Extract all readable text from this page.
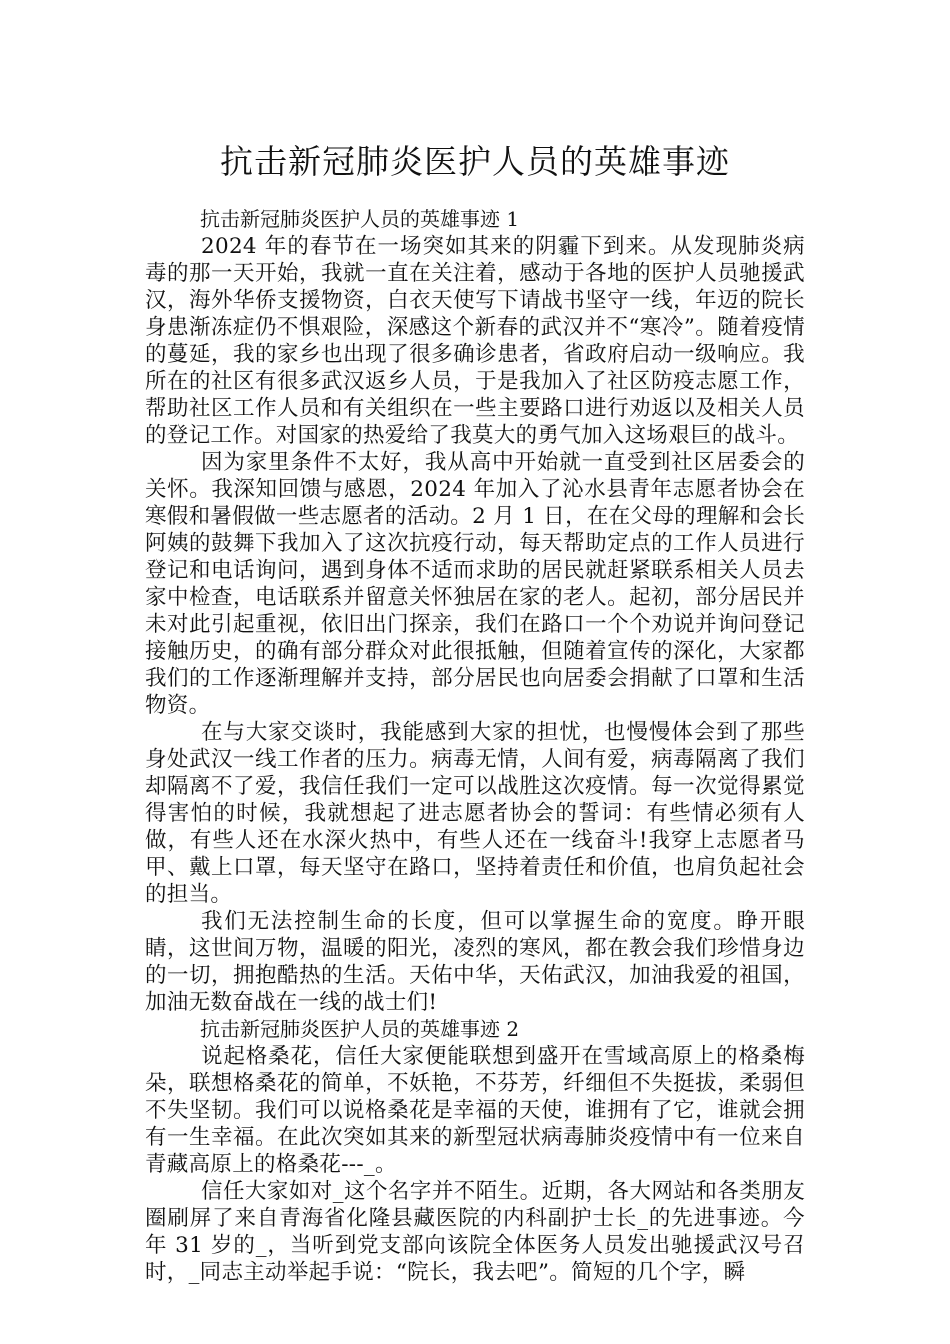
抗击新冠肺炎医护人员的英雄事迹

抗击新冠肺炎医护人员的英雄事迹 1

2024 年的春节在一场突如其来的阴霾下到来。从发现肺炎病毒的那一天开始，我就一直在关注着，感动于各地的医护人员驰援武汉，海外华侨支援物资，白衣天使写下请战书坚守一线，年迈的院长身患渐冻症仍不惧艰险，深感这个新春的武汉并不“寒冷”。随着疫情的蔓延，我的家乡也出现了很多确诊患者，省政府启动一级响应。我所在的社区有很多武汉返乡人员，于是我加入了社区防疫志愿工作，帮助社区工作人员和有关组织在一些主要路口进行劝返以及相关人员的登记工作。对国家的热爱给了我莫大的勇气加入这场艰巨的战斗。

因为家里条件不太好，我从高中开始就一直受到社区居委会的关怀。我深知回馈与感恩，2024 年加入了沁水县青年志愿者协会在寒假和暑假做一些志愿者的活动。2 月 1 日，在在父母的理解和会长阿姨的鼓舞下我加入了这次抗疫行动，每天帮助定点的工作人员进行登记和电话询问，遇到身体不适而求助的居民就赶紧联系相关人员去家中检查，电话联系并留意关怀独居在家的老人。起初，部分居民并未对此引起重视，依旧出门探亲，我们在路口一个个劝说并询问登记接触历史，的确有部分群众对此很抵触，但随着宣传的深化，大家都我们的工作逐渐理解并支持，部分居民也向居委会捐献了口罩和生活物资。

在与大家交谈时，我能感到大家的担忧，也慢慢体会到了那些身处武汉一线工作者的压力。病毒无情，人间有爱，病毒隔离了我们却隔离不了爱，我信任我们一定可以战胜这次疫情。每一次觉得累觉得害怕的时候，我就想起了进志愿者协会的誓词：有些情必须有人做，有些人还在水深火热中，有些人还在一线奋斗!我穿上志愿者马甲、戴上口罩，每天坚守在路口，坚持着责任和价值，也肩负起社会的担当。

我们无法控制生命的长度，但可以掌握生命的宽度。睁开眼睛，这世间万物，温暖的阳光，凌烈的寒风，都在教会我们珍惜身边的一切，拥抱酷热的生活。天佑中华，天佑武汉，加油我爱的祖国，加油无数奋战在一线的战士们!

抗击新冠肺炎医护人员的英雄事迹 2

说起格桑花，信任大家便能联想到盛开在雪域高原上的格桑梅朵，联想格桑花的简单，不妖艳，不芬芳，纤细但不失挺拔，柔弱但不失坚韧。我们可以说格桑花是幸福的天使，谁拥有了它，谁就会拥有一生幸福。在此次突如其来的新型冠状病毒肺炎疫情中有一位来自青藏高原上的格桑花---_。

信任大家如对_这个名字并不陌生。近期，各大网站和各类朋友圈刷屏了来自青海省化隆县藏医院的内科副护士长_的先进事迹。今年 31 岁的_，当听到党支部向该院全体医务人员发出驰援武汉号召时，_同志主动举起手说：“院长，我去吧”。简短的几个字，瞬
